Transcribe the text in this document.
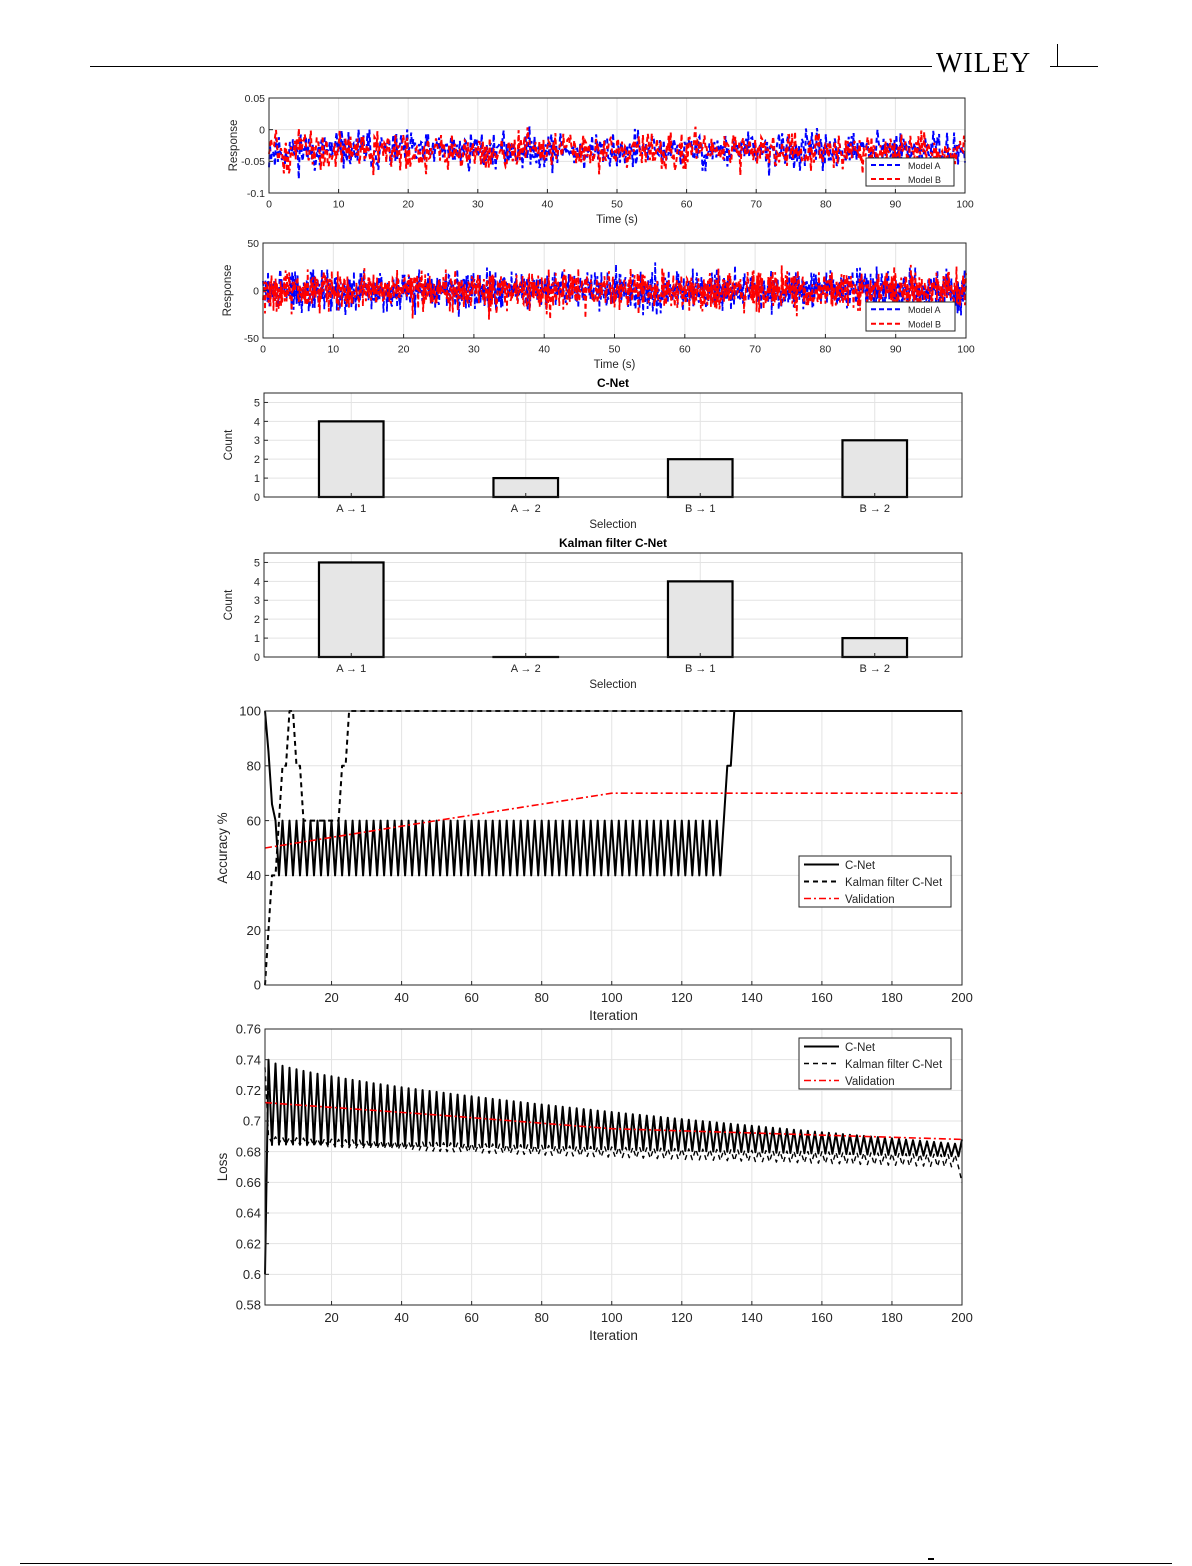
WILEY
0	10	20	30	40	50	60	70	80	90	100
-0.1
-0.05
0
0.05
Time (s)
Response	Model A
Model B
0	10	20	30	40	50	60	70	80	90	100
-50
0
50
Time (s)
Response	Model A
Model B
A → 1	A → 2	B → 1	B → 2
0
1
2
3
4
5
Selection
Count
C-Net
A → 1	A → 2	B → 1	B → 2
0
1
2
3
4
5
Selection
Count
Kalman filter C-Net
20	40	60	80	100	120	140	160	180	200
0
20
40
60
80
100
Iteration
Accuracy %	C-Net
Kalman filter C-Net
Validation
20	40	60	80	100	120	140	160	180	200
0.58
0.6
0.62
0.64
0.66
0.68
0.7
0.72
0.74
0.76
Iteration
Loss
C-Net
Kalman filter C-Net
Validation
